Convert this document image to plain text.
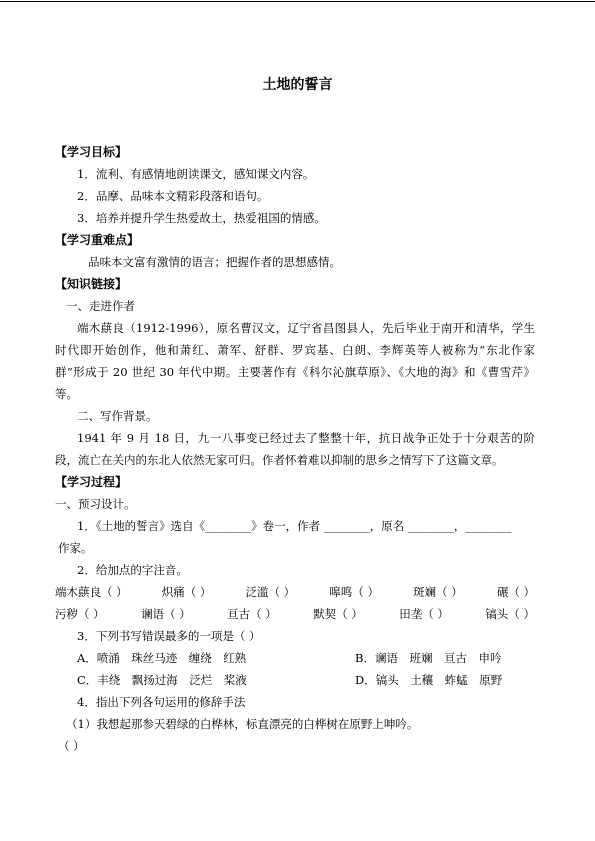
土地的誓言
【学习目标】
1．流利、有感情地朗读课文，感知课文内容。
2．品摩、品味本文精彩段落和语句。
3．培养并提升学生热爱故土，热爱祖国的情感。
【学习重难点】
品味本文富有激情的语言；把握作者的思想感情。
【知识链接】
一、走进作者
端木蕻良（1912-1996），原名曹汉文，辽宁省昌图县人，先后毕业于南开和清华，学生
时代即开始创作，他和萧红、萧军、舒群、罗宾基、白朗、李辉英等人被称为“东北作家
群”形成于 20 世纪 30 年代中期。主要著作有《科尔沁旗草原》、《大地的海》和《曹雪芹》
等。
二、写作背景。
1941 年 9 月 18 日，九一八事变已经过去了整整十年，抗日战争正处于十分艰苦的阶
段，流亡在关内的东北人依然无家可归。作者怀着难以抑制的思乡之情写下了这篇文章。
【学习过程】
一、预习设计。
1．《土地的誓言》选自《________》卷一，作者 ________，原名 ________，________
作家。
2．给加点的字注音。
端木蕻良（ ）	炽痛（ ）	泛滥（ ）	嗥鸣（ ）	斑斓（ ）	碾（ ）
污秽（ ）	谰语（ ）	亘古（ ）	默契（ ）	田垄（ ）	镐头（ ）
3．下列书写错误最多的一项是（ ）
A．喷涌　珠丝马迹　缠绕　红熟	B．谰语　班斓　亘古　申吟
C．丰绕　飘扬过海　泛烂　桨液	D．镐头　土穰　蚱蜢　原野
4．指出下列各句运用的修辞手法
（1）我想起那参天碧绿的白桦林，标直漂亮的白桦树在原野上呻吟。
（ ）
